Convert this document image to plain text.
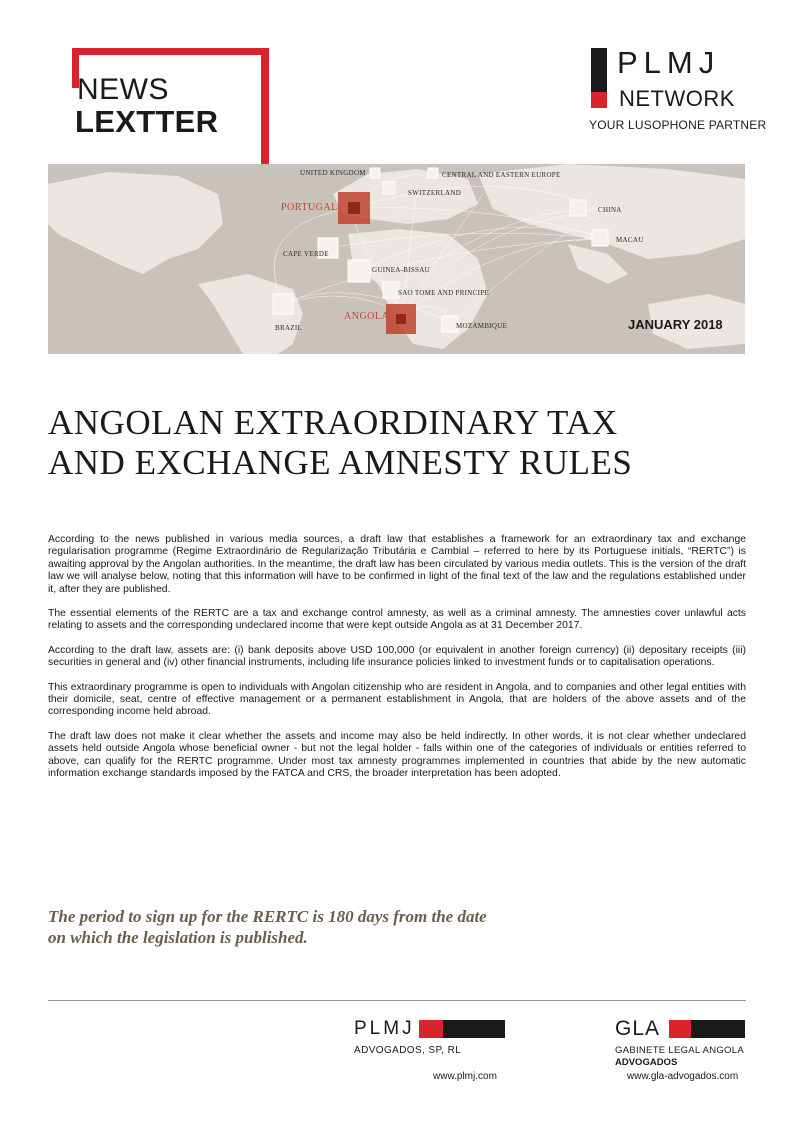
NEWS
LEXTTER
PLMJ
NETWORK
YOUR LUSOPHONE PARTNER
UNITED KINGDOM	CENTRAL AND EASTERN EUROPE
SWITZERLAND
PORTUGAL	CHINA
MACAU
CAPE VERDE
GUINEA-BISSAU
SAO TOME AND PRINCIPE
ANGOLA
BRAZIL	MOZAMBIQUE	JANUARY 2018
ANGOLAN EXTRAORDINARY TAX
AND EXCHANGE AMNESTY RULES

According to the news published in various media sources, a draft law that establishes a framework for an extraordinary tax and exchange regularisation programme (Regime Extraordinário de Regularização Tributária e Cambial – referred to here by its Portuguese initials, “RERTC”) is awaiting approval by the Angolan authorities. In the meantime, the draft law has been circulated by various media outlets. This is the version of the draft law we will analyse below, noting that this information will have to be confirmed in light of the final text of the law and the regulations established under it, after they are published.

The essential elements of the RERTC are a tax and exchange control amnesty, as well as a criminal amnesty. The amnesties cover unlawful acts relating to assets and the corresponding undeclared income that were kept outside Angola as at 31 December 2017.

According to the draft law, assets are: (i) bank deposits above USD 100,000 (or equivalent in another foreign currency) (ii) depositary receipts (iii) securities in general and (iv) other financial instruments, including life insurance policies linked to investment funds or to capitalisation operations.

This extraordinary programme is open to individuals with Angolan citizenship who are resident in Angola, and to companies and other legal entities with their domicile, seat, centre of effective management or a permanent establishment in Angola, that are holders of the above assets and of the corresponding income held abroad.

The draft law does not make it clear whether the assets and income may also be held indirectly. In other words, it is not clear whether undeclared assets held outside Angola whose beneficial owner - but not the legal holder - falls within one of the categories of individuals or entities referred to above, can qualify for the RERTC programme. Under most tax amnesty programmes implemented in countries that abide by the new automatic information exchange standards imposed by the FATCA and CRS, the broader interpretation has been adopted.

The period to sign up for the RERTC is 180 days from the date
on which the legislation is published.
PLMJ
ADVOGADOS, SP, RL
www.plmj.com
GLA
GABINETE LEGAL ANGOLA
ADVOGADOS
www.gla-advogados.com
